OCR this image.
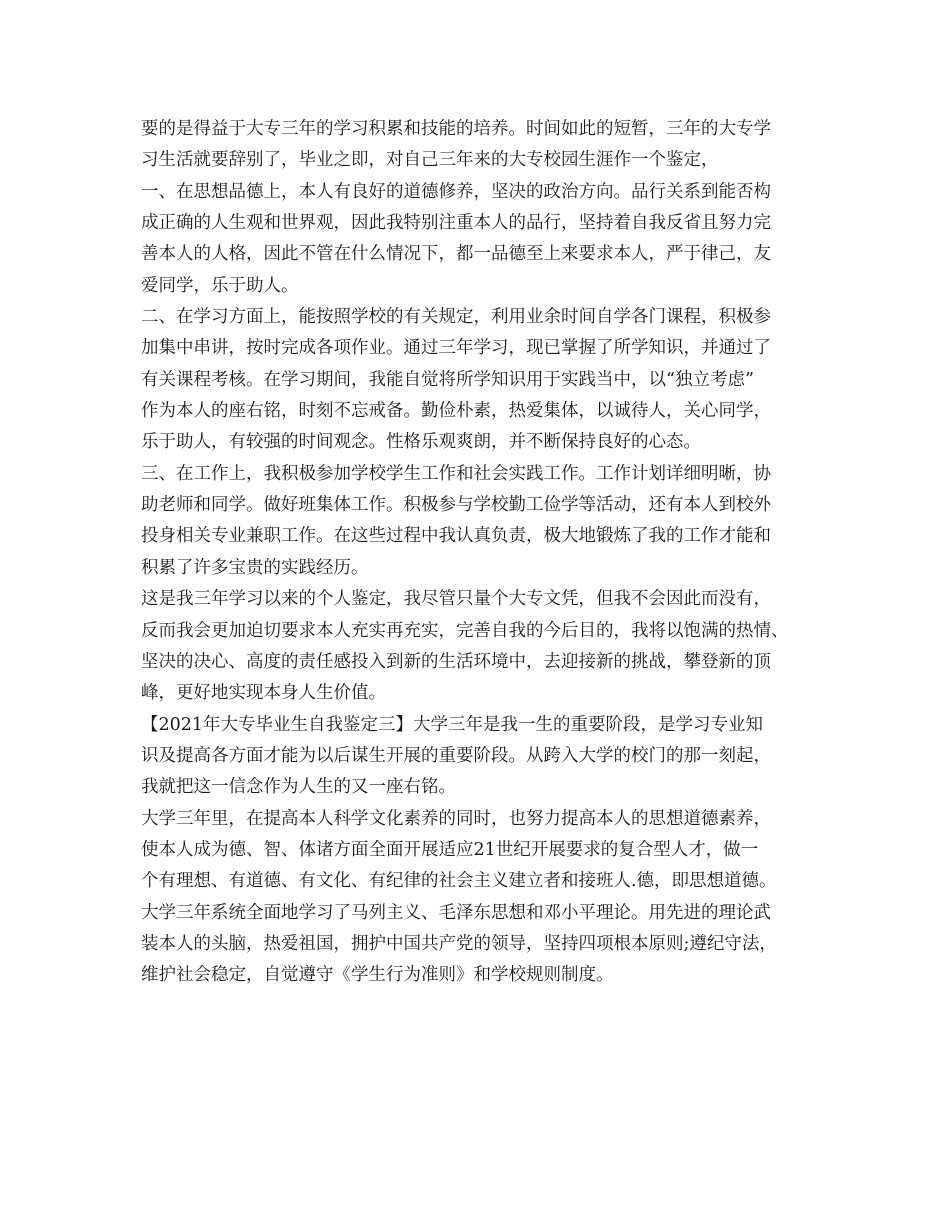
要的是得益于大专三年的学习积累和技能的培养。时间如此的短暂，三年的大专学
习生活就要辞别了，毕业之即，对自己三年来的大专校园生涯作一个鉴定，
一、在思想品德上，本人有良好的道德修养，坚决的政治方向。品行关系到能否构
成正确的人生观和世界观，因此我特别注重本人的品行，坚持着自我反省且努力完
善本人的人格，因此不管在什么情况下，都一品德至上来要求本人，严于律己，友
爱同学，乐于助人。
二、在学习方面上，能按照学校的有关规定，利用业余时间自学各门课程，积极参
加集中串讲，按时完成各项作业。通过三年学习，现已掌握了所学知识，并通过了
有关课程考核。在学习期间，我能自觉将所学知识用于实践当中，以“独立考虑”
作为本人的座右铭，时刻不忘戒备。勤俭朴素，热爱集体，以诚待人，关心同学，
乐于助人，有较强的时间观念。性格乐观爽朗，并不断保持良好的心态。
三、在工作上，我积极参加学校学生工作和社会实践工作。工作计划详细明晰，协
助老师和同学。做好班集体工作。积极参与学校勤工俭学等活动，还有本人到校外
投身相关专业兼职工作。在这些过程中我认真负责，极大地锻炼了我的工作才能和
积累了许多宝贵的实践经历。
这是我三年学习以来的个人鉴定，我尽管只量个大专文凭，但我不会因此而没有，
反而我会更加迫切要求本人充实再充实，完善自我的今后目的，我将以饱满的热情、
坚决的决心、高度的责任感投入到新的生活环境中，去迎接新的挑战，攀登新的顶
峰，更好地实现本身人生价值。
【2021年大专毕业生自我鉴定三】大学三年是我一生的重要阶段，是学习专业知
识及提高各方面才能为以后谋生开展的重要阶段。从跨入大学的校门的那一刻起，
我就把这一信念作为人生的又一座右铭。
大学三年里，在提高本人科学文化素养的同时，也努力提高本人的思想道德素养，
使本人成为德、智、体诸方面全面开展适应21世纪开展要求的复合型人才，做一
个有理想、有道德、有文化、有纪律的社会主义建立者和接班人.德，即思想道德。
大学三年系统全面地学习了马列主义、毛泽东思想和邓小平理论。用先进的理论武
装本人的头脑，热爱祖国，拥护中国共产党的领导，坚持四项根本原则;遵纪守法，
维护社会稳定，自觉遵守《学生行为准则》和学校规则制度。
